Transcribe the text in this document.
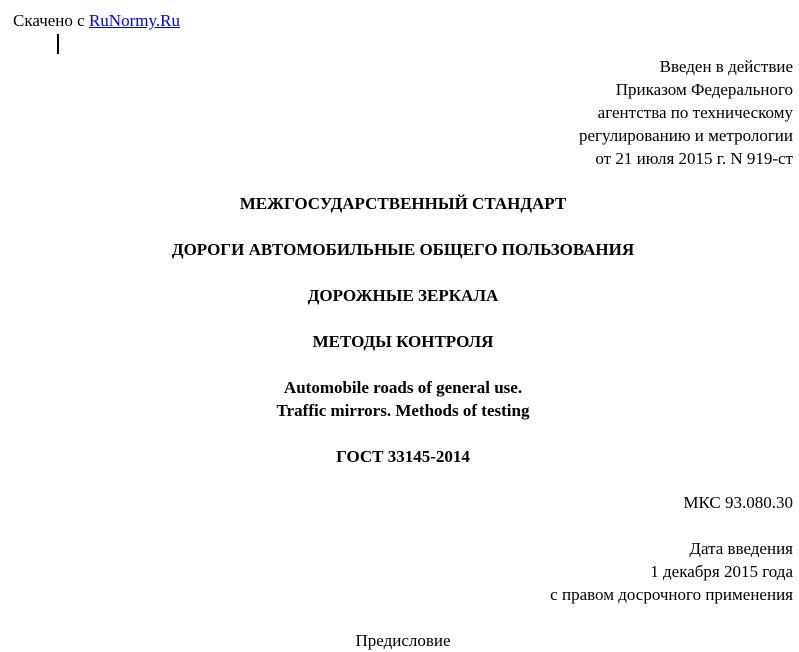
Скачено с RuNormy.Ru
Введен в действие
Приказом Федерального
агентства по техническому
регулированию и метрологии
от 21 июля 2015 г. N 919-ст
МЕЖГОСУДАРСТВЕННЫЙ СТАНДАРТ
ДОРОГИ АВТОМОБИЛЬНЫЕ ОБЩЕГО ПОЛЬЗОВАНИЯ
ДОРОЖНЫЕ ЗЕРКАЛА
МЕТОДЫ КОНТРОЛЯ
Automobile roads of general use.
Traffic mirrors. Methods of testing
ГОСТ 33145-2014
МКС 93.080.30
Дата введения
1 декабря 2015 года
с правом досрочного применения
Предисловие
